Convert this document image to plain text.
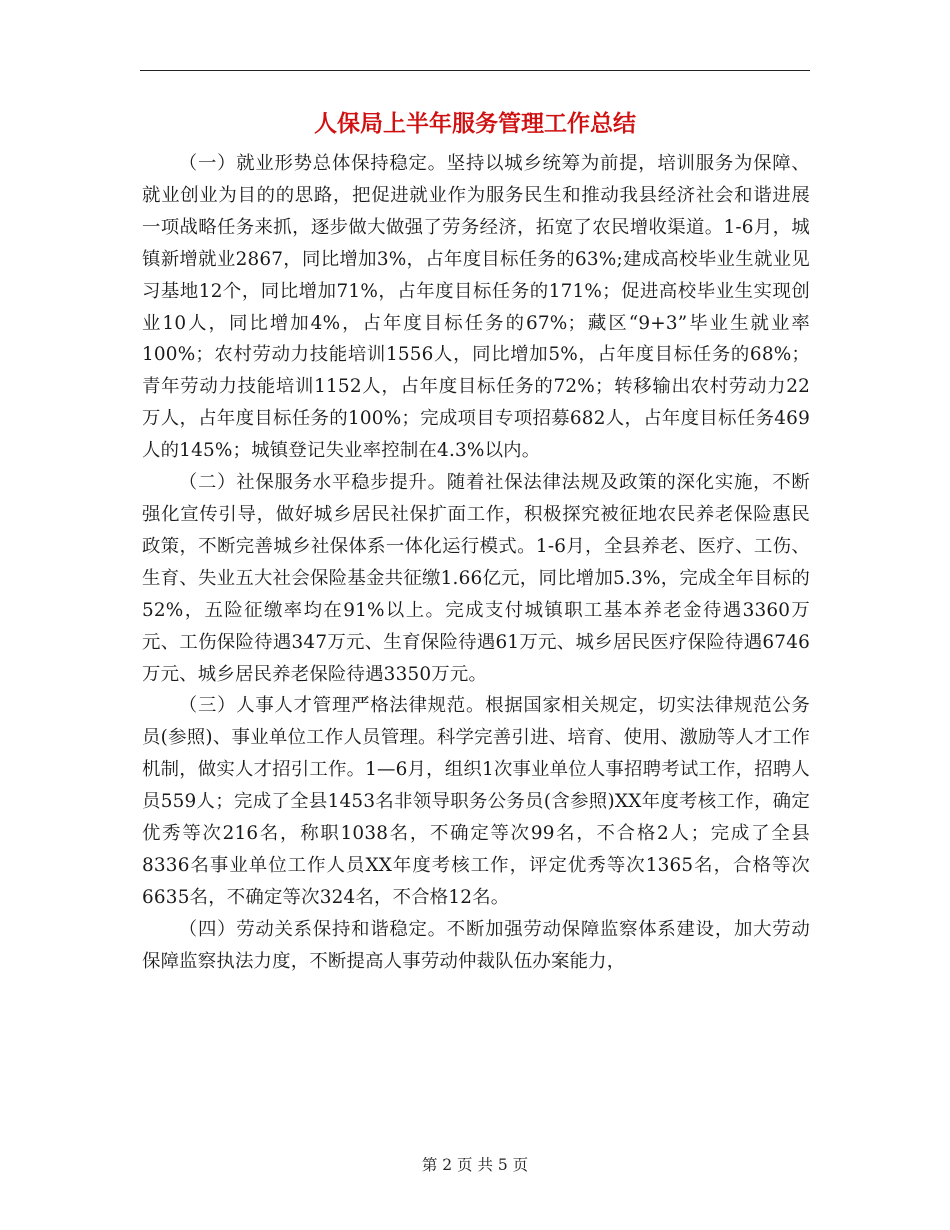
人保局上半年服务管理工作总结

（一）就业形势总体保持稳定。坚持以城乡统筹为前提，培训服务为保障、就业创业为目的的思路，把促进就业作为服务民生和推动我县经济社会和谐进展一项战略任务来抓，逐步做大做强了劳务经济，拓宽了农民增收渠道。1-6月，城镇新增就业2867，同比增加3%，占年度目标任务的63%;建成高校毕业生就业见习基地12个，同比增加71%，占年度目标任务的171%；促进高校毕业生实现创业10人，同比增加4%，占年度目标任务的67%；藏区“9+3”毕业生就业率100%；农村劳动力技能培训1556人，同比增加5%，占年度目标任务的68%；青年劳动力技能培训1152人，占年度目标任务的72%；转移输出农村劳动力22万人，占年度目标任务的100%；完成项目专项招募682人，占年度目标任务469人的145%；城镇登记失业率控制在4.3%以内。

（二）社保服务水平稳步提升。随着社保法律法规及政策的深化实施，不断强化宣传引导，做好城乡居民社保扩面工作，积极探究被征地农民养老保险惠民政策，不断完善城乡社保体系一体化运行模式。1-6月，全县养老、医疗、工伤、生育、失业五大社会保险基金共征缴1.66亿元，同比增加5.3%，完成全年目标的52%，五险征缴率均在91%以上。完成支付城镇职工基本养老金待遇3360万元、工伤保险待遇347万元、生育保险待遇61万元、城乡居民医疗保险待遇6746万元、城乡居民养老保险待遇3350万元。

（三）人事人才管理严格法律规范。根据国家相关规定，切实法律规范公务员(参照)、事业单位工作人员管理。科学完善引进、培育、使用、激励等人才工作机制，做实人才招引工作。1—6月，组织1次事业单位人事招聘考试工作，招聘人员559人；完成了全县1453名非领导职务公务员(含参照)XX年度考核工作，确定优秀等次216名，称职1038名，不确定等次99名，不合格2人；完成了全县8336名事业单位工作人员XX年度考核工作，评定优秀等次1365名，合格等次6635名，不确定等次324名，不合格12名。

（四）劳动关系保持和谐稳定。不断加强劳动保障监察体系建设，加大劳动保障监察执法力度，不断提高人事劳动仲裁队伍办案能力，

第 2 页 共 5 页
